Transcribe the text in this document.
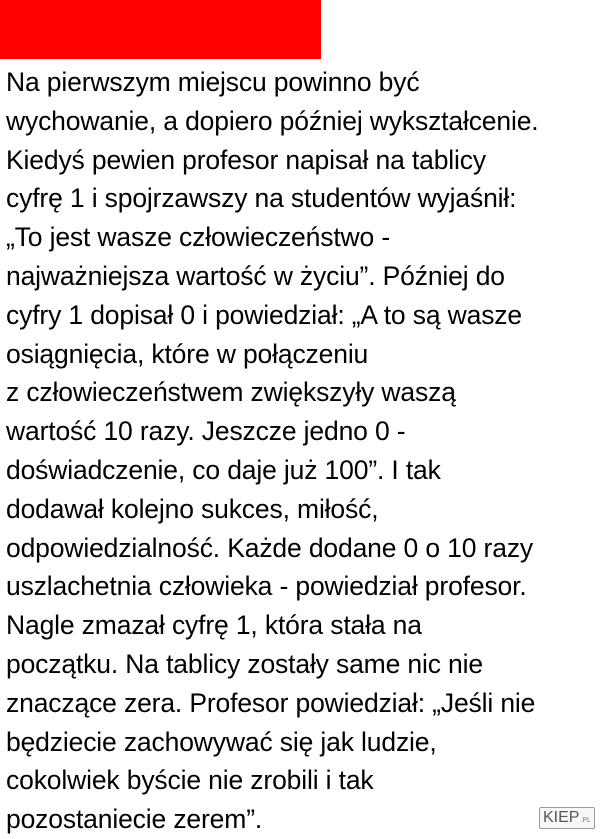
Na pierwszym miejscu powinno być
wychowanie, a dopiero później wykształcenie.
Kiedyś pewien profesor napisał na tablicy
cyfrę 1 i spojrzawszy na studentów wyjaśnił:
„To jest wasze człowieczeństwo -
najważniejsza wartość w życiu”. Później do
cyfry 1 dopisał 0 i powiedział: „A to są wasze
osiągnięcia, które w połączeniu
z człowieczeństwem zwiększyły waszą
wartość 10 razy. Jeszcze jedno 0 -
doświadczenie, co daje już 100”. I tak
dodawał kolejno sukces, miłość,
odpowiedzialność. Każde dodane 0 o 10 razy
uszlachetnia człowieka - powiedział profesor.
Nagle zmazał cyfrę 1, która stała na
początku. Na tablicy zostały same nic nie
znaczące zera. Profesor powiedział: „Jeśli nie
będziecie zachowywać się jak ludzie,
cokolwiek byście nie zrobili i tak
pozostaniecie zerem”.	KIEP .PL
